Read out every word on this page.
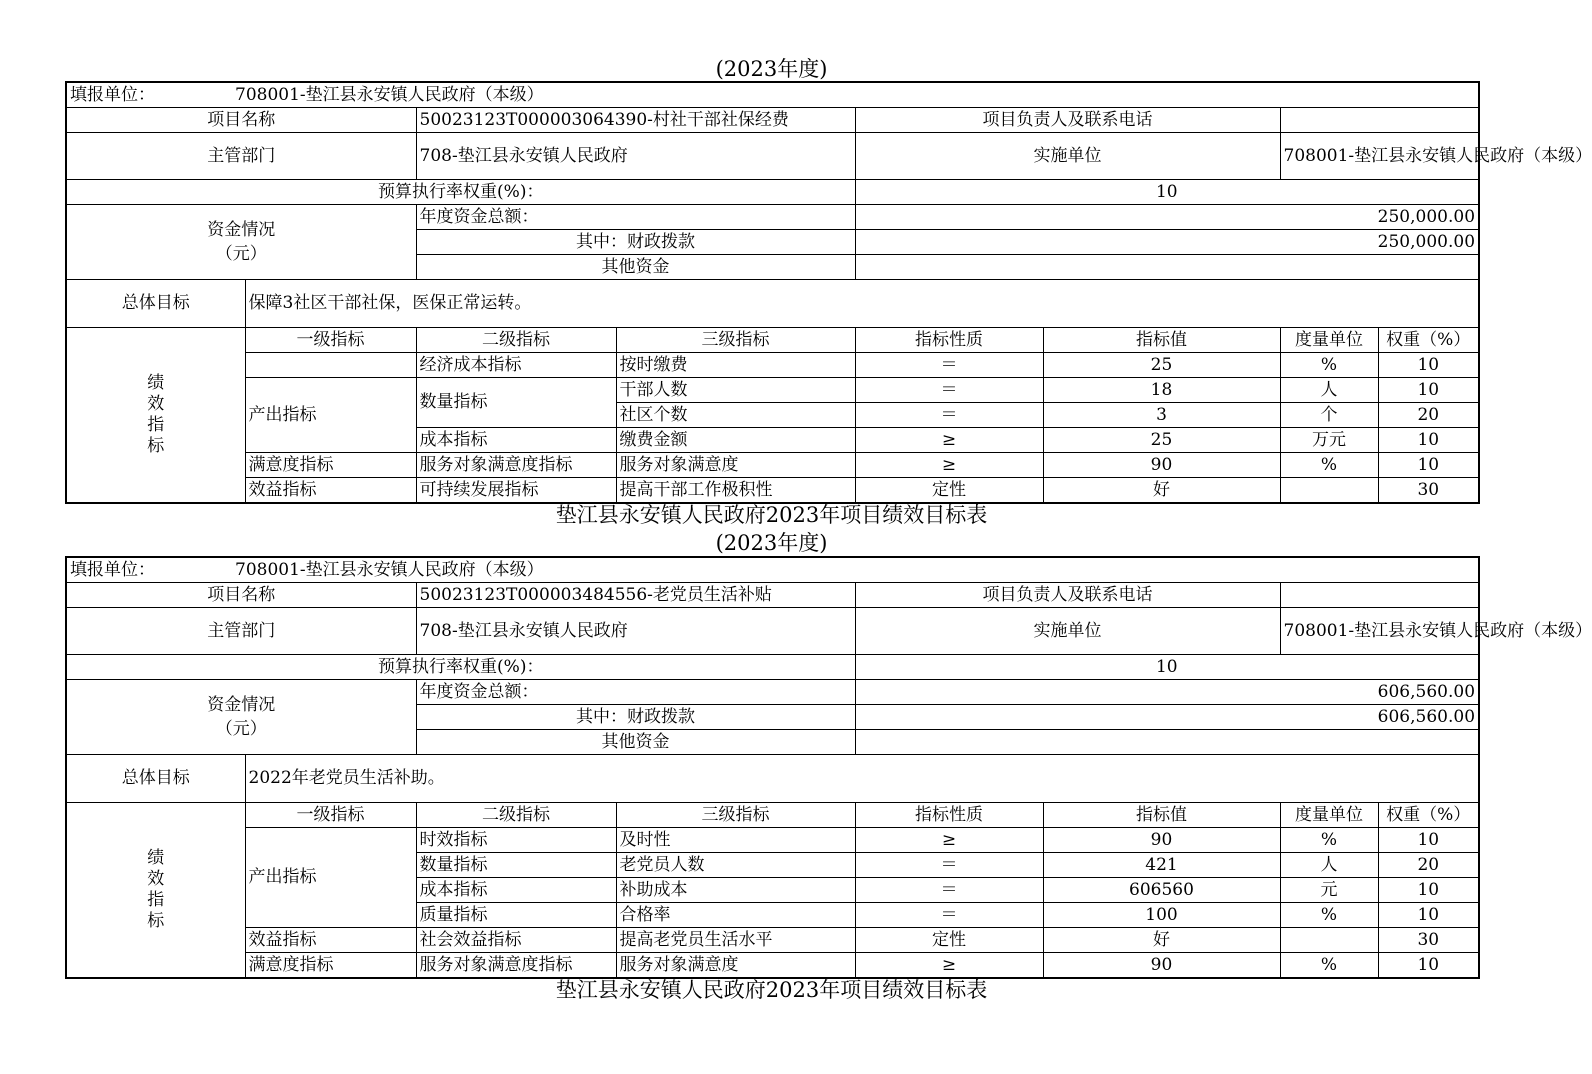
(2023年度)
填报单位： 708001-垫江县永安镇人民政府（本级）							
项目名称		50023123T000003064390-村社干部社保经费		项目负责人及联系电话			
主管部门		708-垫江县永安镇人民政府		实施单位		708001-垫江县永安镇人民政府（本级）	
预算执行率权重(%)：				10			

资金情况
（元）		年度资金总额：		250,000.00			
		其中：财政拨款		250,000.00			
		其他资金					
总体目标	保障3社区干部社保，医保正常运转。						

绩
效
指
标	一级指标	二级指标	三级指标	指标性质	指标值	度量单位	权重（%）
		经济成本指标	按时缴费	＝	25	%	10
	产出指标	数量指标	干部人数	＝	18	人	10
			社区个数	＝	3	个	20
		成本指标	缴费金额	≥	25	万元	10
	满意度指标	服务对象满意度指标	服务对象满意度	≥	90	%	10
	效益指标	可持续发展指标	提高干部工作极积性	定性	好		30
垫江县永安镇人民政府2023年项目绩效目标表
(2023年度)
填报单位： 708001-垫江县永安镇人民政府（本级）							
项目名称		50023123T000003484556-老党员生活补贴		项目负责人及联系电话			
主管部门		708-垫江县永安镇人民政府		实施单位		708001-垫江县永安镇人民政府（本级）	
预算执行率权重(%)：				10			

资金情况
（元）		年度资金总额：		606,560.00			
		其中：财政拨款		606,560.00			
		其他资金					
总体目标	2022年老党员生活补助。						

绩
效
指
标	一级指标	二级指标	三级指标	指标性质	指标值	度量单位	权重（%）
	产出指标	时效指标	及时性	≥	90	%	10
		数量指标	老党员人数	＝	421	人	20
		成本指标	补助成本	＝	606560	元	10
		质量指标	合格率	＝	100	%	10
	效益指标	社会效益指标	提高老党员生活水平	定性	好		30
	满意度指标	服务对象满意度指标	服务对象满意度	≥	90	%	10
垫江县永安镇人民政府2023年项目绩效目标表
